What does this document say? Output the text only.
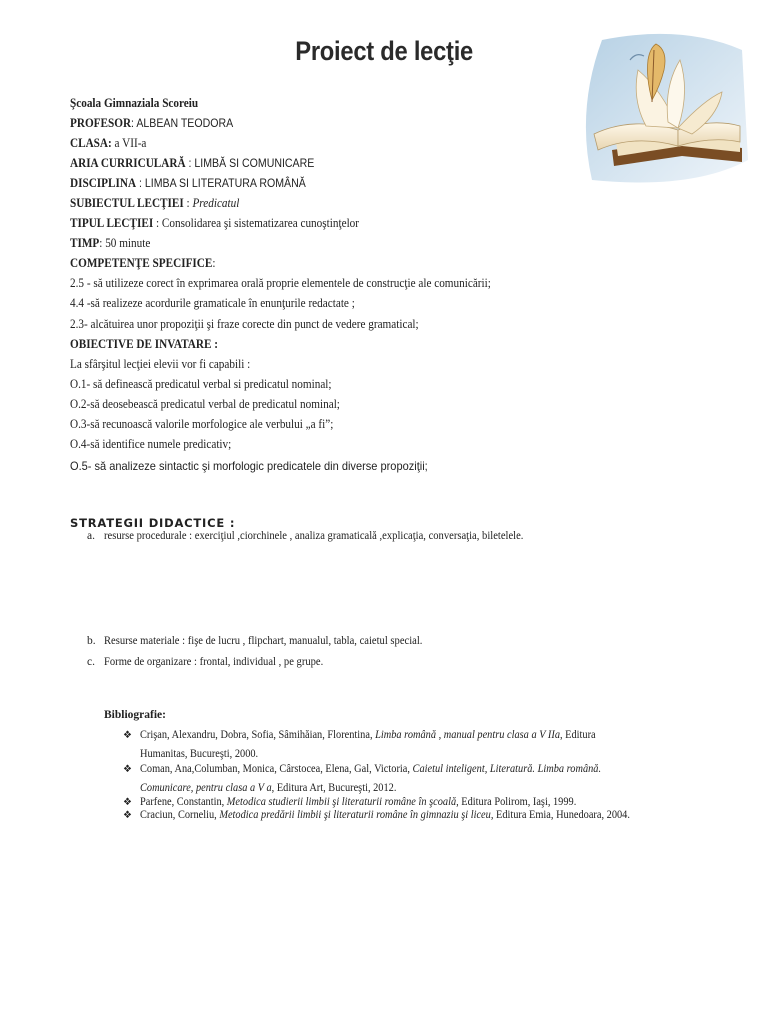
Proiect de lecţie
Şcoala Gimnaziala Scoreiu
PROFESOR: ALBEAN TEODORA
CLASA: a VII-a
ARIA CURRICULARĂ : LIMBĂ SI COMUNICARE
DISCIPLINA : LIMBA SI LITERATURA ROMÂNĂ
SUBIECTUL LECŢIEI : Predicatul
TIPUL LECŢIEI : Consolidarea şi sistematizarea cunoştinţelor
TIMP: 50 minute
COMPETENŢE SPECIFICE:
2.5 - să utilizeze corect în exprimarea orală proprie elementele de construcţie ale comunicării;
4.4 -să realizeze acordurile gramaticale în enunţurile redactate ;
2.3- alcătuirea unor propoziţii şi fraze corecte din punct de vedere gramatical;
OBIECTIVE DE INVATARE :
La sfârşitul lecţiei elevii vor fi capabili :
O.1- să definească predicatul verbal si predicatul nominal;
O.2-să deosebească predicatul verbal de predicatul nominal;
O.3-să recunoască valorile morfologice ale verbului „a fi”;
O.4-să identifice numele predicativ;
O.5- să analizeze sintactic şi morfologic predicatele din diverse propoziţii;
STRATEGII DIDACTICE :
a. resurse procedurale : exerciţiul ,ciorchinele , analiza gramaticală ,explicaţia, conversaţia, biletelele.
b. Resurse materiale : fişe de lucru , flipchart, manualul, tabla, caietul special.
c. Forme de organizare : frontal, individual , pe grupe.
Bibliografie:
❖ Crişan, Alexandru, Dobra, Sofia, Sâmihăian, Florentina, Limba română , manual pentru clasa a V IIa, Editura
Humanitas, Bucureşti, 2000.
❖ Coman, Ana,Columban, Monica, Cârstocea, Elena, Gal, Victoria, Caietul inteligent, Literatură. Limba română.
Comunicare, pentru clasa a V a, Editura Art, Bucureşti, 2012.
❖ Parfene, Constantin, Metodica studierii limbii şi literaturii române în şcoală, Editura Polirom, Iaşi, 1999.
❖ Craciun, Corneliu, Metodica predării limbii şi literaturii române în gimnaziu şi liceu, Editura Emia, Hunedoara, 2004.
